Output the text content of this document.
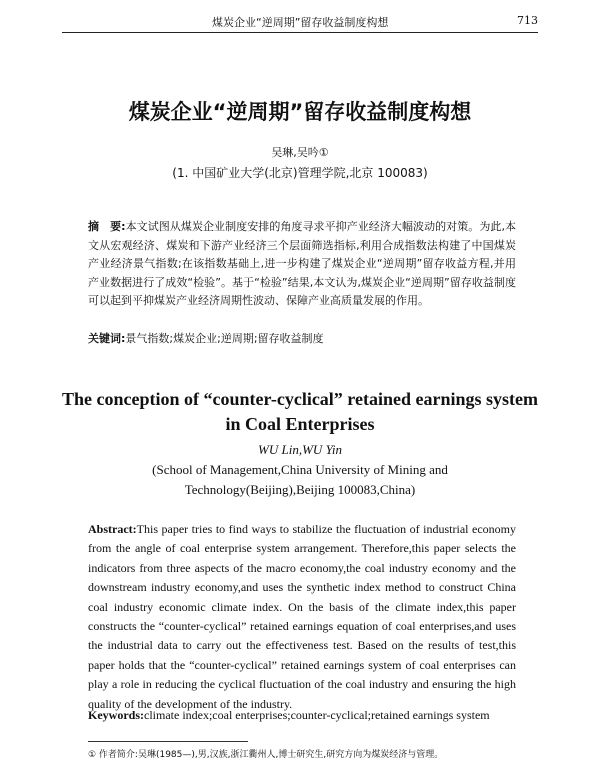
煤炭企业“逆周期”留存收益制度构想	713
煤炭企业“逆周期”留存收益制度构想
吴琳,吴吟①
(1. 中国矿业大学(北京)管理学院,北京 100083)
摘　要:本文试图从煤炭企业制度安排的角度寻求平抑产业经济大幅波动的对策。为此,本文从宏观经济、煤炭和下游产业经济三个层面筛选指标,利用合成指数法构建了中国煤炭产业经济景气指数;在该指数基础上,进一步构建了煤炭企业“逆周期”留存收益方程,并用产业数据进行了成效“检验”。基于“检验”结果,本文认为,煤炭企业“逆周期”留存收益制度可以起到平抑煤炭产业经济周期性波动、保障产业高质量发展的作用。
关键词:景气指数;煤炭企业;逆周期;留存收益制度
The conception of “counter-cyclical” retained earnings system in Coal Enterprises
WU Lin,WU Yin
(School of Management,China University of Mining and Technology(Beijing),Beijing 100083,China)
Abstract:This paper tries to find ways to stabilize the fluctuation of industrial economy from the angle of coal enterprise system arrangement. Therefore,this paper selects the indicators from three aspects of the macro economy,the coal industry economy and the downstream industry economy,and uses the synthetic index method to construct China coal industry economic climate index. On the basis of the climate index,this paper constructs the “counter-cyclical” retained earnings equation of coal enterprises,and uses the industrial data to carry out the effectiveness test. Based on the results of test,this paper holds that the “counter-cyclical” retained earnings system of coal enterprises can play a role in reducing the cyclical fluctuation of the coal industry and ensuring the high quality of the development of the industry.
Keywords:climate index;coal enterprises;counter-cyclical;retained earnings system
① 作者简介:吴琳(1985—),男,汉族,浙江衢州人,博士研究生,研究方向为煤炭经济与管理。
